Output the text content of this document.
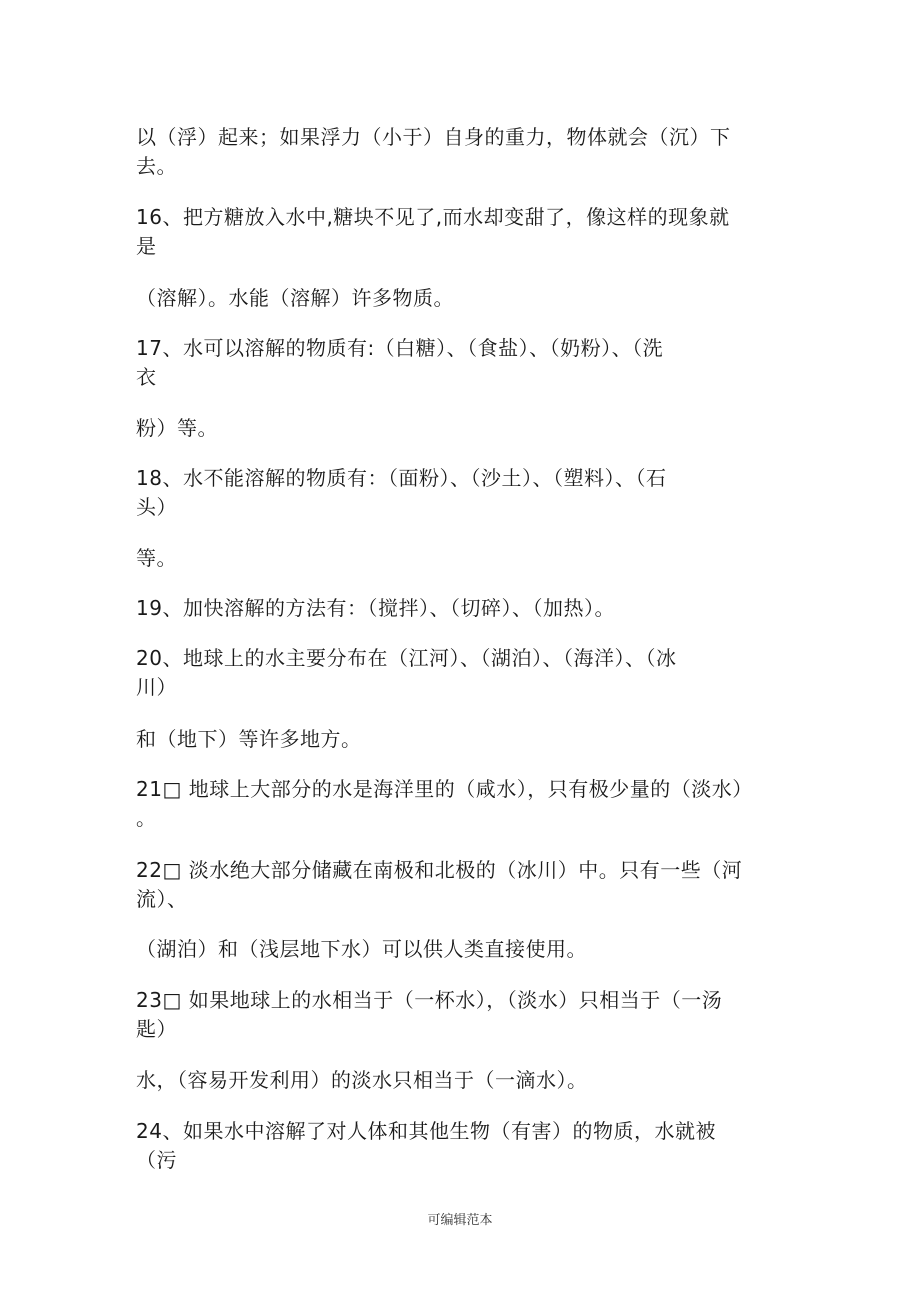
以（浮）起来；如果浮力（小于）自身的重力，物体就会（沉）下
去。
16、把方糖放入水中,糖块不见了,而水却变甜了，像这样的现象就
是
（溶解）。水能（溶解）许多物质。
17、水可以溶解的物质有:（白糖）、（食盐）、（奶粉）、（洗
衣
粉）等。
18、水不能溶解的物质有：（面粉）、（沙土）、（塑料）、（石
头）
等。
19、加快溶解的方法有：（搅拌）、（切碎）、（加热）。
20、地球上的水主要分布在（江河）、（湖泊）、（海洋）、（冰
川）
和（地下）等许多地方。
21□ 地球上大部分的水是海洋里的（咸水），只有极少量的（淡水）
。
22□ 淡水绝大部分储藏在南极和北极的（冰川）中。只有一些（河
流）、
（湖泊）和（浅层地下水）可以供人类直接使用。
23□ 如果地球上的水相当于（一杯水），（淡水）只相当于（一汤
匙）
水，（容易开发利用）的淡水只相当于（一滴水）。
24、如果水中溶解了对人体和其他生物（有害）的物质，水就被
（污
可编辑范本
